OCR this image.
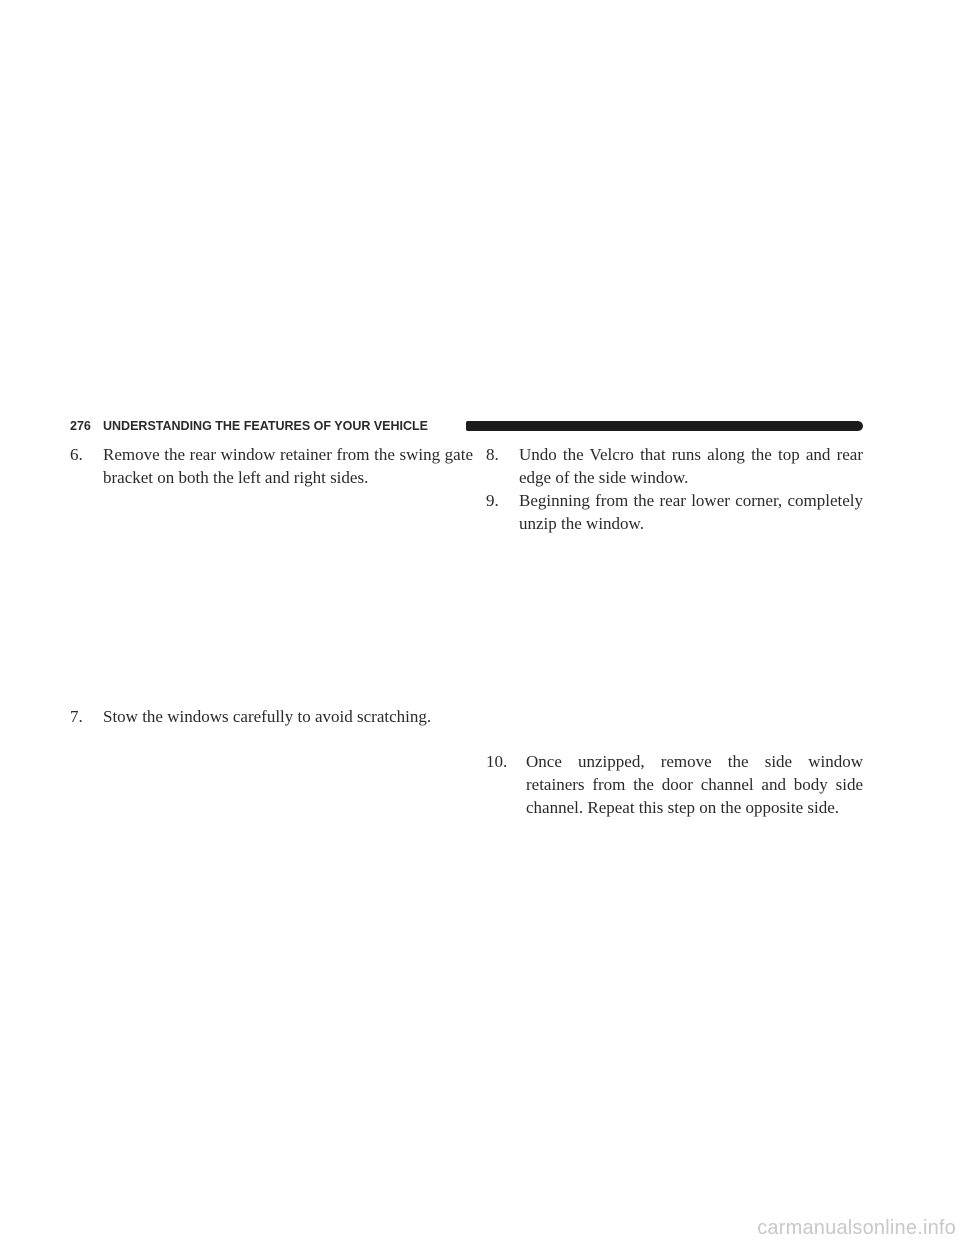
276 UNDERSTANDING THE FEATURES OF YOUR VEHICLE
6. Remove the rear window retainer from the swing gate bracket on both the left and right sides.
7. Stow the windows carefully to avoid scratching.
8. Undo the Velcro that runs along the top and rear edge of the side window.
9. Beginning from the rear lower corner, completely unzip the window.
10. Once unzipped, remove the side window retainers from the door channel and body side channel. Repeat this step on the opposite side.
carmanualsonline.info
